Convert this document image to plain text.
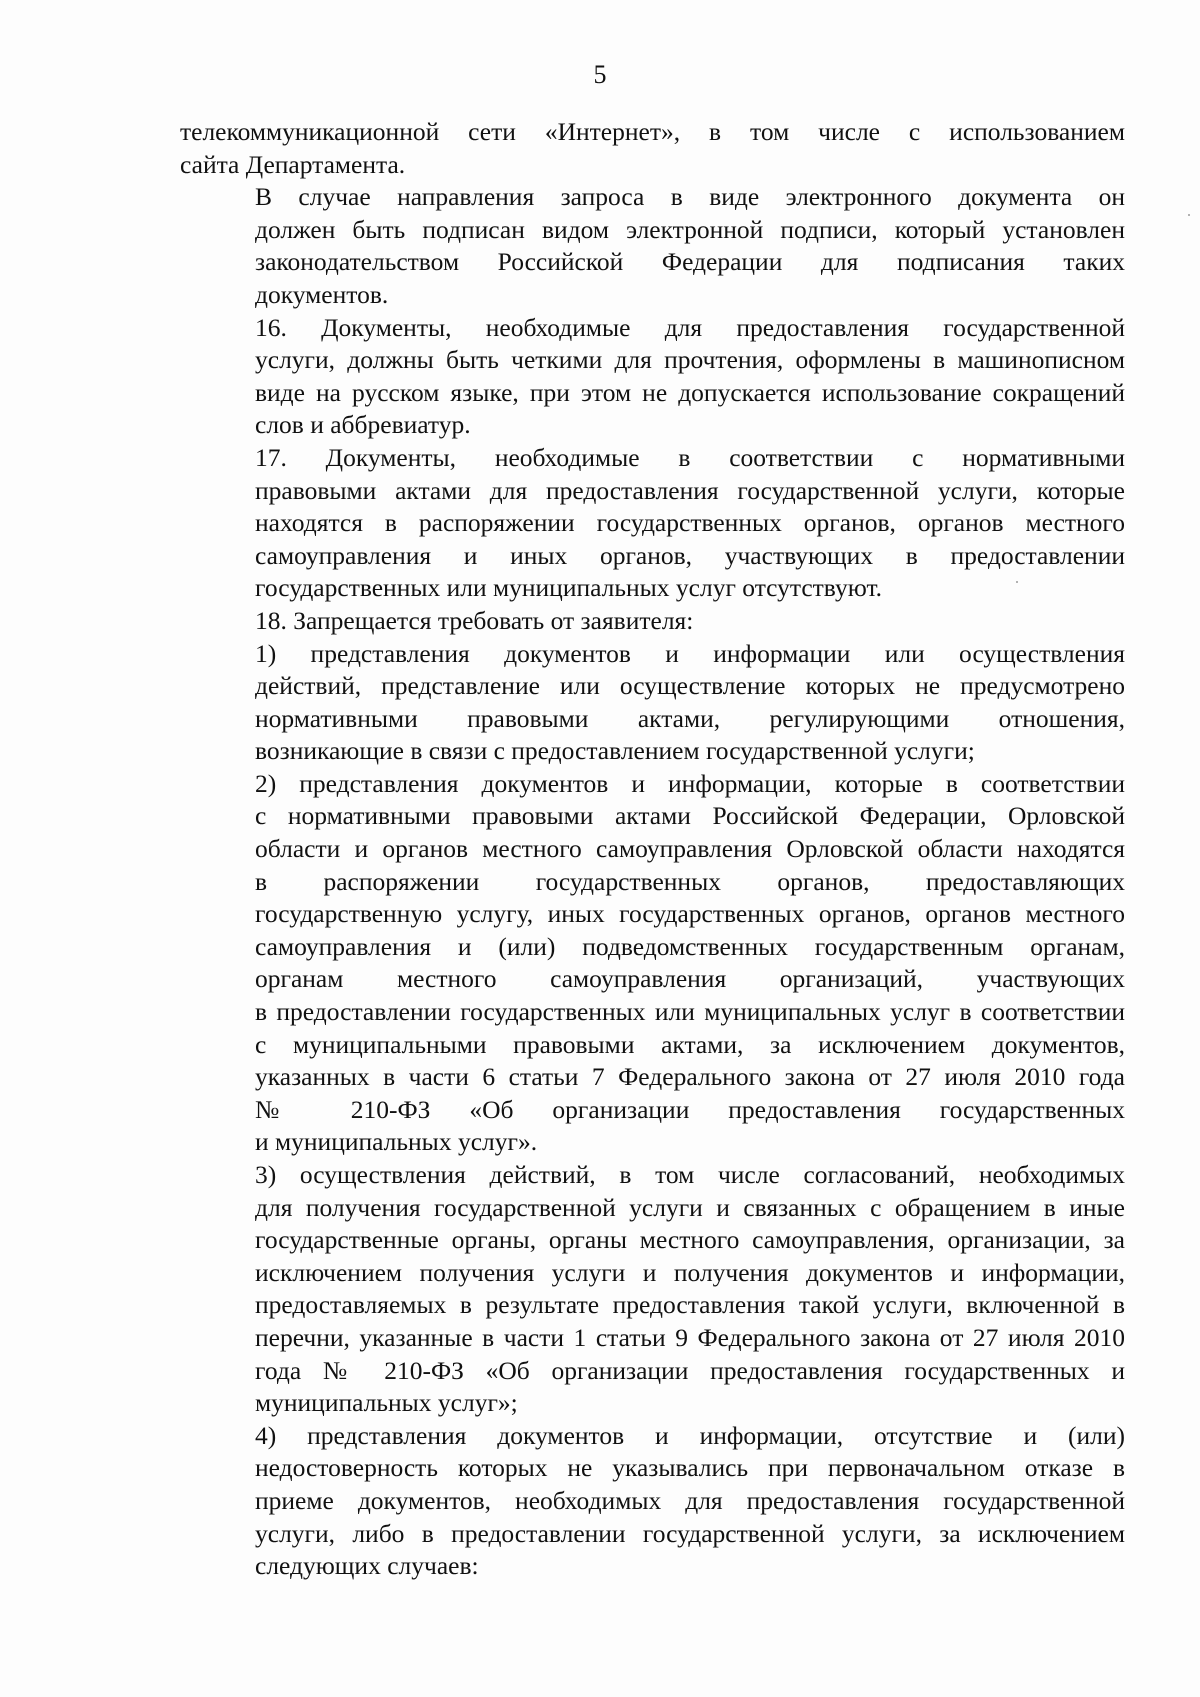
5

телекоммуникационной сети «Интернет», в том числе с использованием
сайта Департамента.

В случае направления запроса в виде электронного документа он
должен быть подписан видом электронной подписи, который установлен
законодательством Российской Федерации для подписания таких
документов.

16. Документы, необходимые для предоставления государственной
услуги, должны быть четкими для прочтения, оформлены в машинописном
виде на русском языке, при этом не допускается использование сокращений
слов и аббревиатур.

17. Документы, необходимые в соответствии с нормативными
правовыми актами для предоставления государственной услуги, которые
находятся в распоряжении государственных органов, органов местного
самоуправления и иных органов, участвующих в предоставлении
государственных или муниципальных услуг отсутствуют.

18. Запрещается требовать от заявителя:

1) представления документов и информации или осуществления
действий, представление или осуществление которых не предусмотрено
нормативными правовыми актами, регулирующими отношения,
возникающие в связи с предоставлением государственной услуги;

2) представления документов и информации, которые в соответствии
с нормативными правовыми актами Российской Федерации, Орловской
области и органов местного самоуправления Орловской области находятся
в распоряжении государственных органов, предоставляющих
государственную услугу, иных государственных органов, органов местного
самоуправления и (или) подведомственных государственным органам,
органам местного самоуправления организаций, участвующих
в предоставлении государственных или муниципальных услуг в соответствии
с муниципальными правовыми актами, за исключением документов,
указанных в части 6 статьи 7 Федерального закона от 27 июля 2010 года
№ 210-ФЗ «Об организации предоставления государственных
и муниципальных услуг».

3) осуществления действий, в том числе согласований, необходимых
для получения государственной услуги и связанных с обращением в иные
государственные органы, органы местного самоуправления, организации, за
исключением получения услуги и получения документов и информации,
предоставляемых в результате предоставления такой услуги, включенной в
перечни, указанные в части 1 статьи 9 Федерального закона от 27 июля 2010
года № 210-ФЗ «Об организации предоставления государственных и
муниципальных услуг»;

4) представления документов и информации, отсутствие и (или)
недостоверность которых не указывались при первоначальном отказе в
приеме документов, необходимых для предоставления государственной
услуги, либо в предоставлении государственной услуги, за исключением
следующих случаев:
